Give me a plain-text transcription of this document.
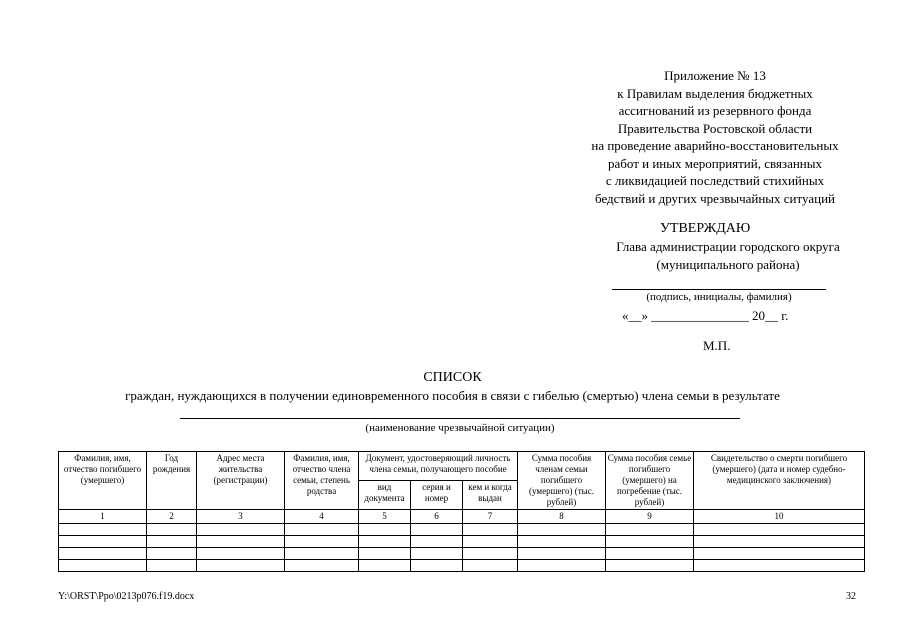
Приложение № 13
к Правилам выделения бюджетных
ассигнований из резервного фонда
Правительства Ростовской области
на проведение аварийно-восстановительных
работ и иных мероприятий, связанных
с ликвидацией последствий стихийных
бедствий и других чрезвычайных ситуаций
УТВЕРЖДАЮ
Глава администрации городского округа
(муниципального района)
(подпись, инициалы, фамилия)
«__» _______________ 20__ г.
М.П.
СПИСОК
граждан, нуждающихся в получении единовременного пособия в связи с гибелью (смертью) члена семьи в результате
(наименование чрезвычайной ситуации)
Фамилия, имя, отчество погибшего (умершего)	Год рождения	Адрес места жительства (регистрации)	Фамилия, имя, отчество члена семьи, степень родства	Документ, удостоверяющий личность члена семьи, получающего пособие			Сумма пособия членам семьи погибшего (умершего) (тыс. рублей)	Сумма пособия семье погибшего (умершего) на погребение (тыс. рублей)	Свидетельство о смерти погибшего (умершего) (дата и номер судебно-медицинского заключения)
				вид документа	серия и номер	кем и когда выдан			
1	2	3	4	5	6	7	8	9	10

Y:\ORST\Ppo\0213p076.f19.docx	32
